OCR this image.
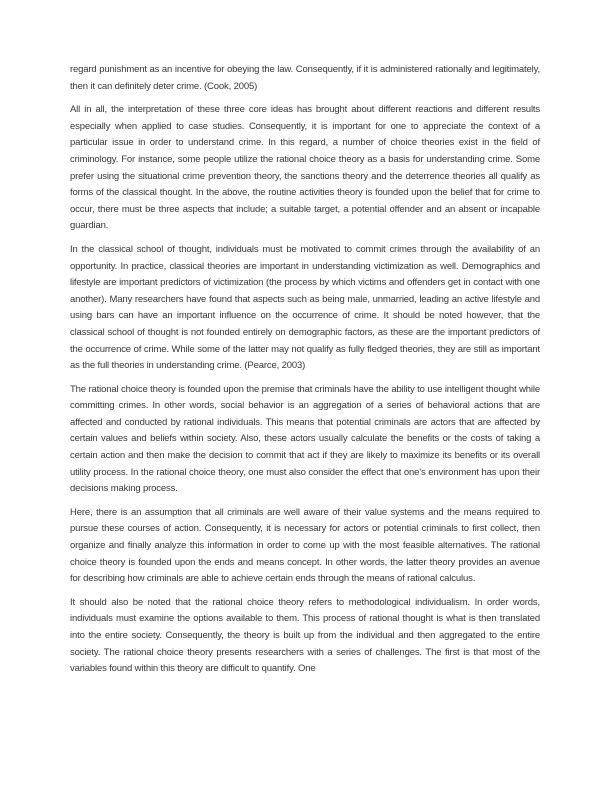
regard punishment as an incentive for obeying the law. Consequently, if it is administered rationally and legitimately, then it can definitely deter crime. (Cook, 2005)

All in all, the interpretation of these three core ideas has brought about different reactions and different results especially when applied to case studies. Consequently, it is important for one to appreciate the context of a particular issue in order to understand crime. In this regard, a number of choice theories exist in the field of criminology. For instance, some people utilize the rational choice theory as a basis for understanding crime. Some prefer using the situational crime prevention theory, the sanctions theory and the deterrence theories all qualify as forms of the classical thought. In the above, the routine activities theory is founded upon the belief that for crime to occur, there must be three aspects that include; a suitable target, a potential offender and an absent or incapable guardian.

In the classical school of thought, individuals must be motivated to commit crimes through the availability of an opportunity. In practice, classical theories are important in understanding victimization as well. Demographics and lifestyle are important predictors of victimization (the process by which victims and offenders get in contact with one another). Many researchers have found that aspects such as being male, unmarried, leading an active lifestyle and using bars can have an important influence on the occurrence of crime. It should be noted however, that the classical school of thought is not founded entirely on demographic factors, as these are the important predictors of the occurrence of crime. While some of the latter may not qualify as fully fledged theories, they are still as important as the full theories in understanding crime. (Pearce, 2003)

The rational choice theory is founded upon the premise that criminals have the ability to use intelligent thought while committing crimes. In other words, social behavior is an aggregation of a series of behavioral actions that are affected and conducted by rational individuals. This means that potential criminals are actors that are affected by certain values and beliefs within society. Also, these actors usually calculate the benefits or the costs of taking a certain action and then make the decision to commit that act if they are likely to maximize its benefits or its overall utility process. In the rational choice theory, one must also consider the effect that one's environment has upon their decisions making process.

Here, there is an assumption that all criminals are well aware of their value systems and the means required to pursue these courses of action. Consequently, it is necessary for actors or potential criminals to first collect, then organize and finally analyze this information in order to come up with the most feasible alternatives. The rational choice theory is founded upon the ends and means concept. In other words, the latter theory provides an avenue for describing how criminals are able to achieve certain ends through the means of rational calculus.

It should also be noted that the rational choice theory refers to methodological individualism. In order words, individuals must examine the options available to them. This process of rational thought is what is then translated into the entire society. Consequently, the theory is built up from the individual and then aggregated to the entire society. The rational choice theory presents researchers with a series of challenges. The first is that most of the variables found within this theory are difficult to quantify. One
